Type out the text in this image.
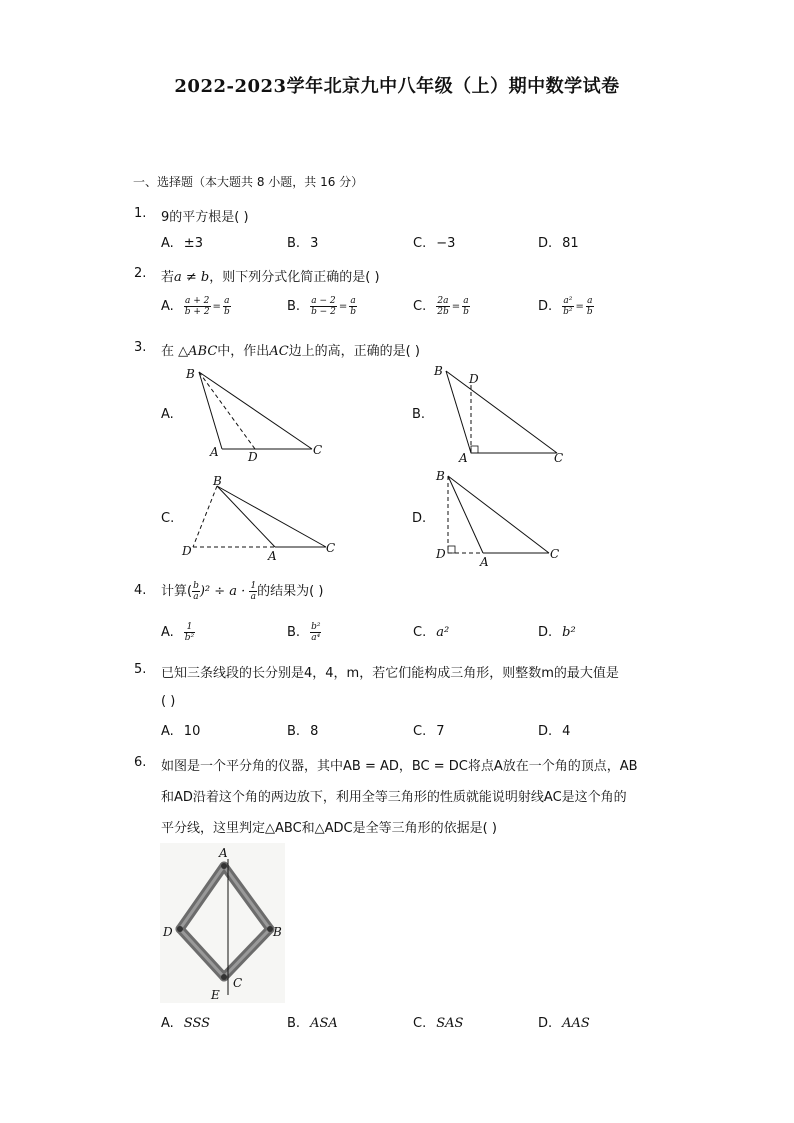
2022-2023学年北京九中八年级（上）期中数学试卷
一、选择题（本大题共 8 小题，共 16 分）
1. 9的平方根是( )
A. ±3	B. 3	C. −3	D. 81
2. 若a ≠ b，则下列分式化简正确的是( )
A. $\frac{a + 2}{b + 2} = \frac{a}{b}$	B. $\frac{a - 2}{b - 2} = \frac{a}{b}$	C. $\frac{2a}{2b} = \frac{a}{b}$	D. $\frac{\text{a²}}{\text{b²}} = \frac{a}{b}$
3. 在 △ABC中，作出AC边上的高，正确的是( )
A.
B
A D	C
B.
B
D
A	C
C.
B
D	A
C
D.
B
D
A
C
4. 计算( $\frac{b}{a} )^2 \div a \cdot \frac{1}{a}$ 的结果为( )
A. $\frac{1}{\text{b²}}$	B. $\frac{\text{b²}}{\text{a⁴}}$	C. a²	D. b²
5. 已知三条线段的长分别是4，4，m，若它们能构成三角形，则整数m的最大值是
( )
A. 10	B. 8	C. 7	D. 4
6. 如图是一个平分角的仪器，其中AB = AD，BC = DC将点A放在一个角的顶点，AB
和AD沿着这个角的两边放下，利用全等三角形的性质就能说明射线AC是这个角的
平分线，这里判定△ABC和△ADC是全等三角形的依据是( )
A
D	B
C
E
A. SSS	B. ASA	C. SAS	D. AAS
